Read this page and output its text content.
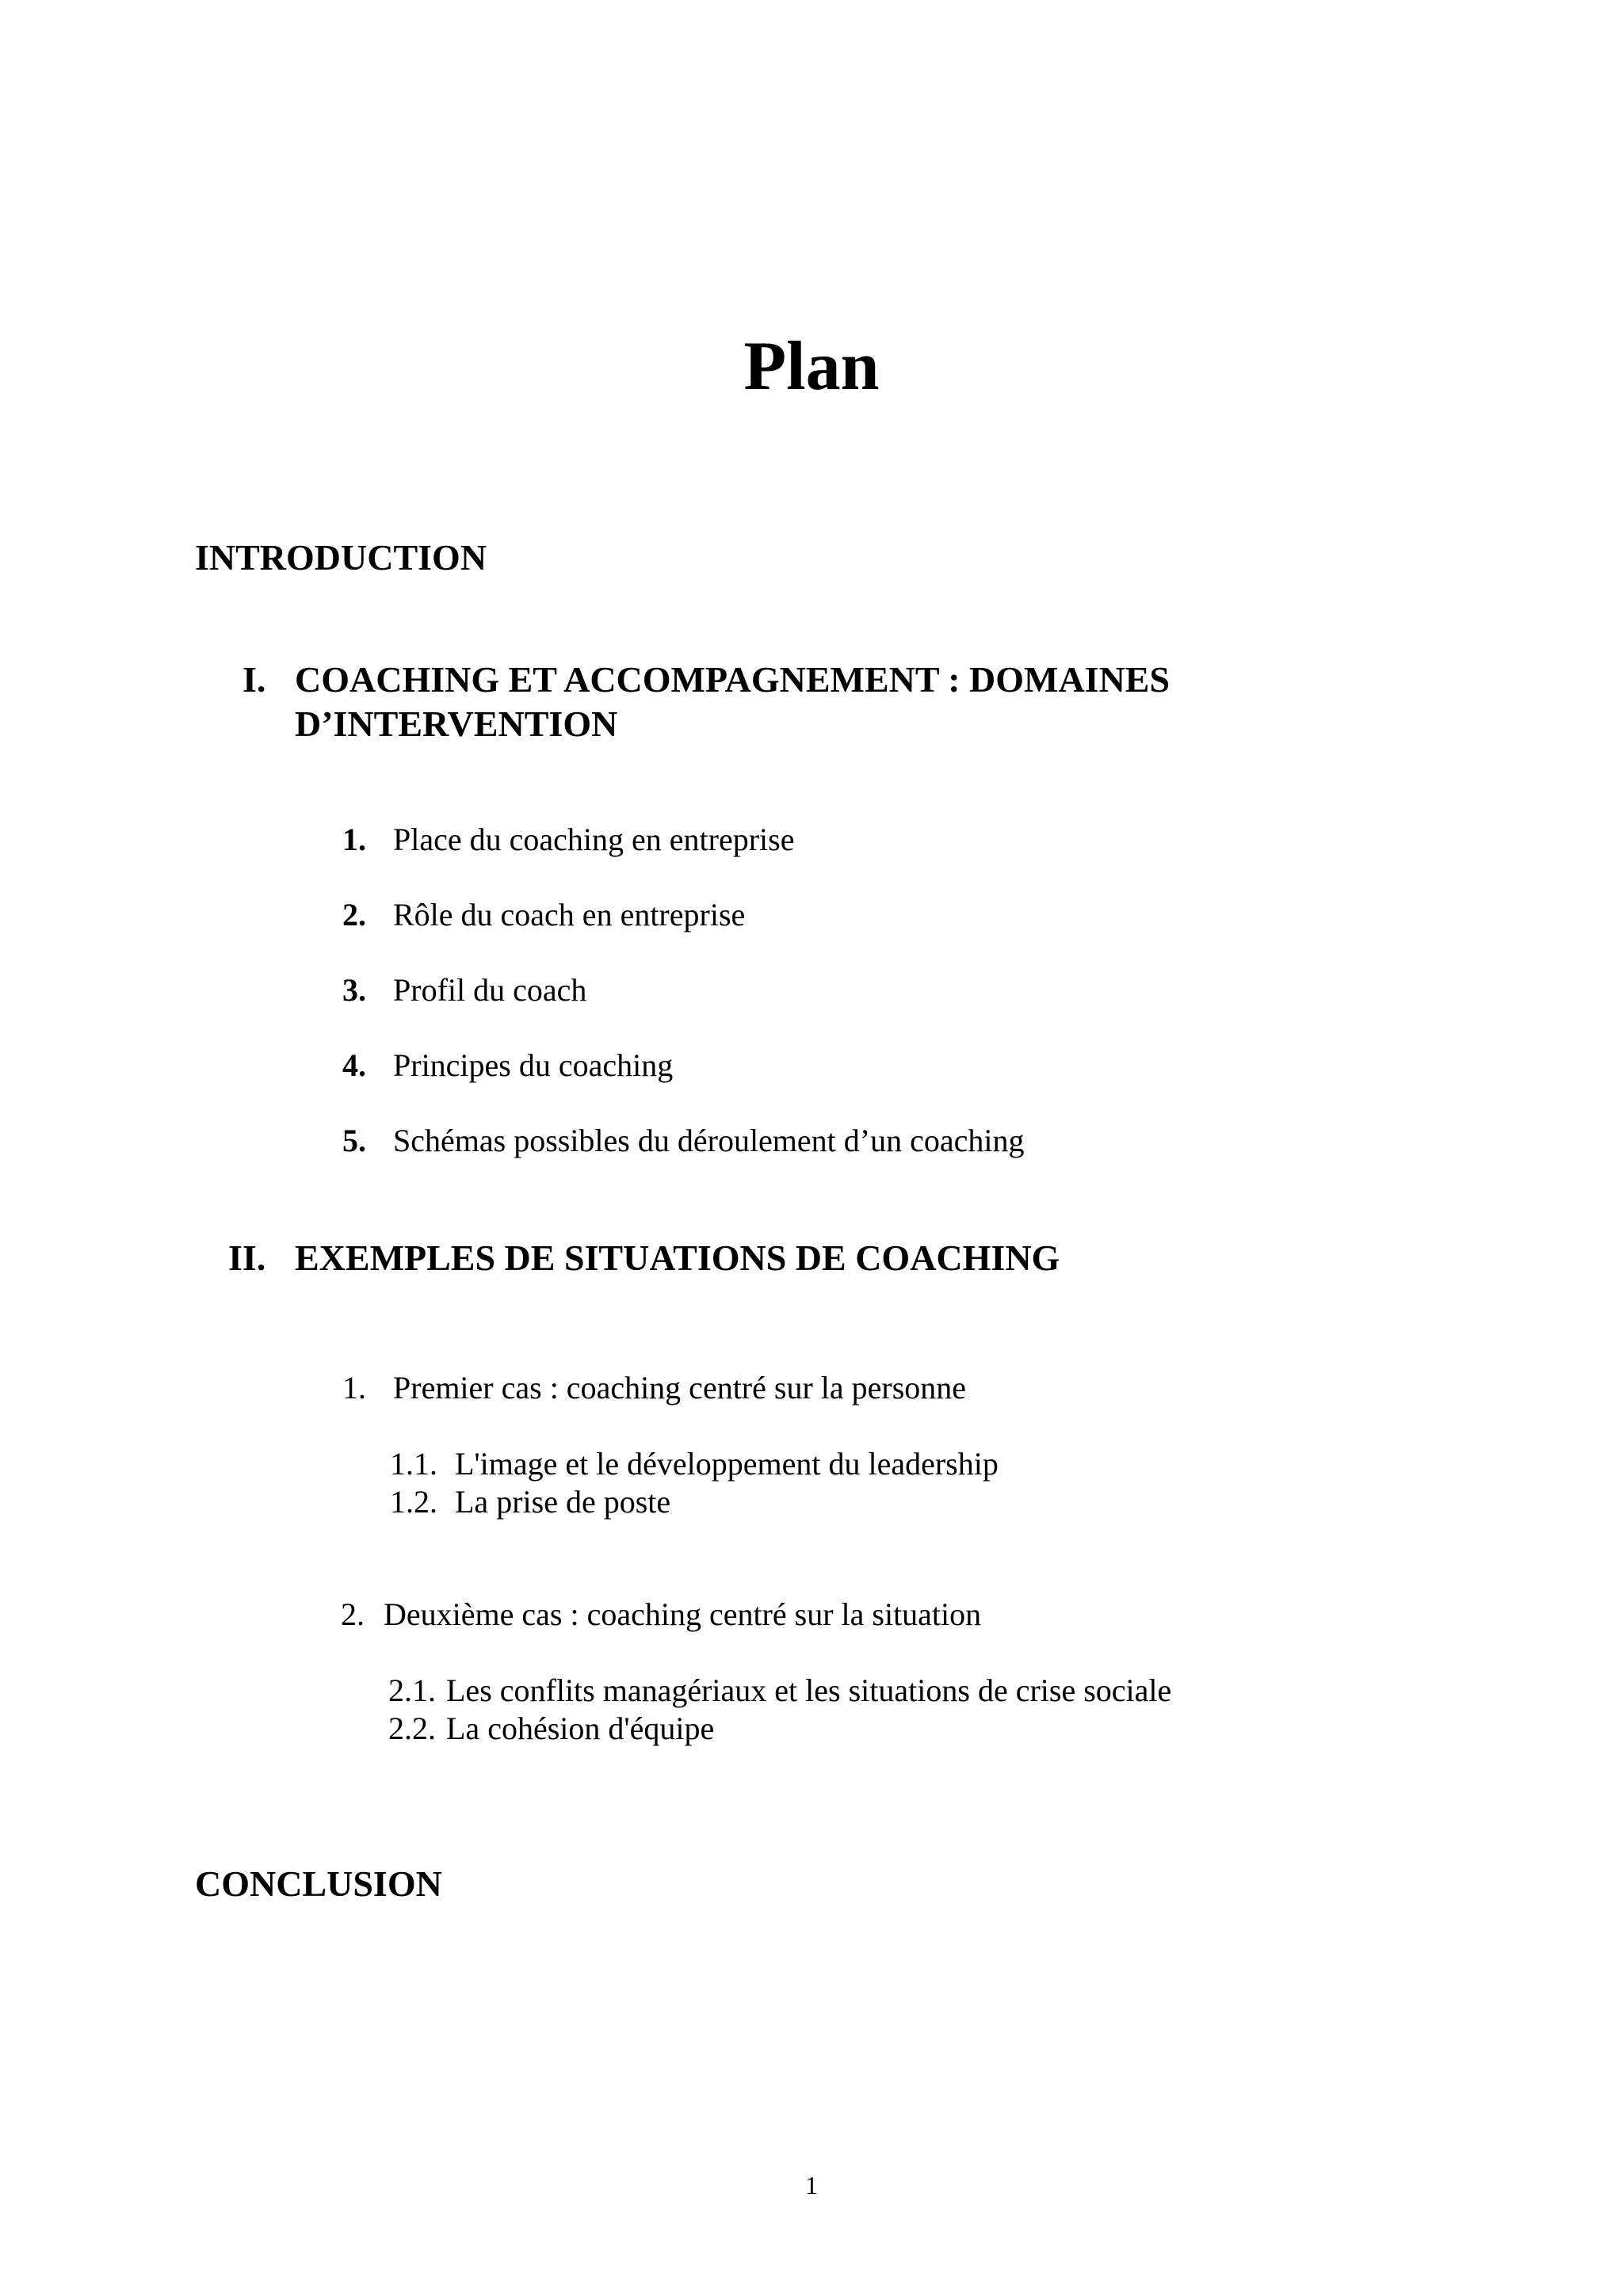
Plan
INTRODUCTION
I. COACHING ET ACCOMPAGNEMENT : DOMAINES
D’INTERVENTION
1. Place du coaching en entreprise
2. Rôle du coach en entreprise
3. Profil du coach
4. Principes du coaching
5. Schémas possibles du déroulement d’un coaching
II. EXEMPLES DE SITUATIONS DE COACHING
1. Premier cas : coaching centré sur la personne
1.1. L'image et le développement du leadership
1.2. La prise de poste
2. Deuxième cas : coaching centré sur la situation
2.1. Les conflits managériaux et les situations de crise sociale
2.2. La cohésion d'équipe
CONCLUSION
1
